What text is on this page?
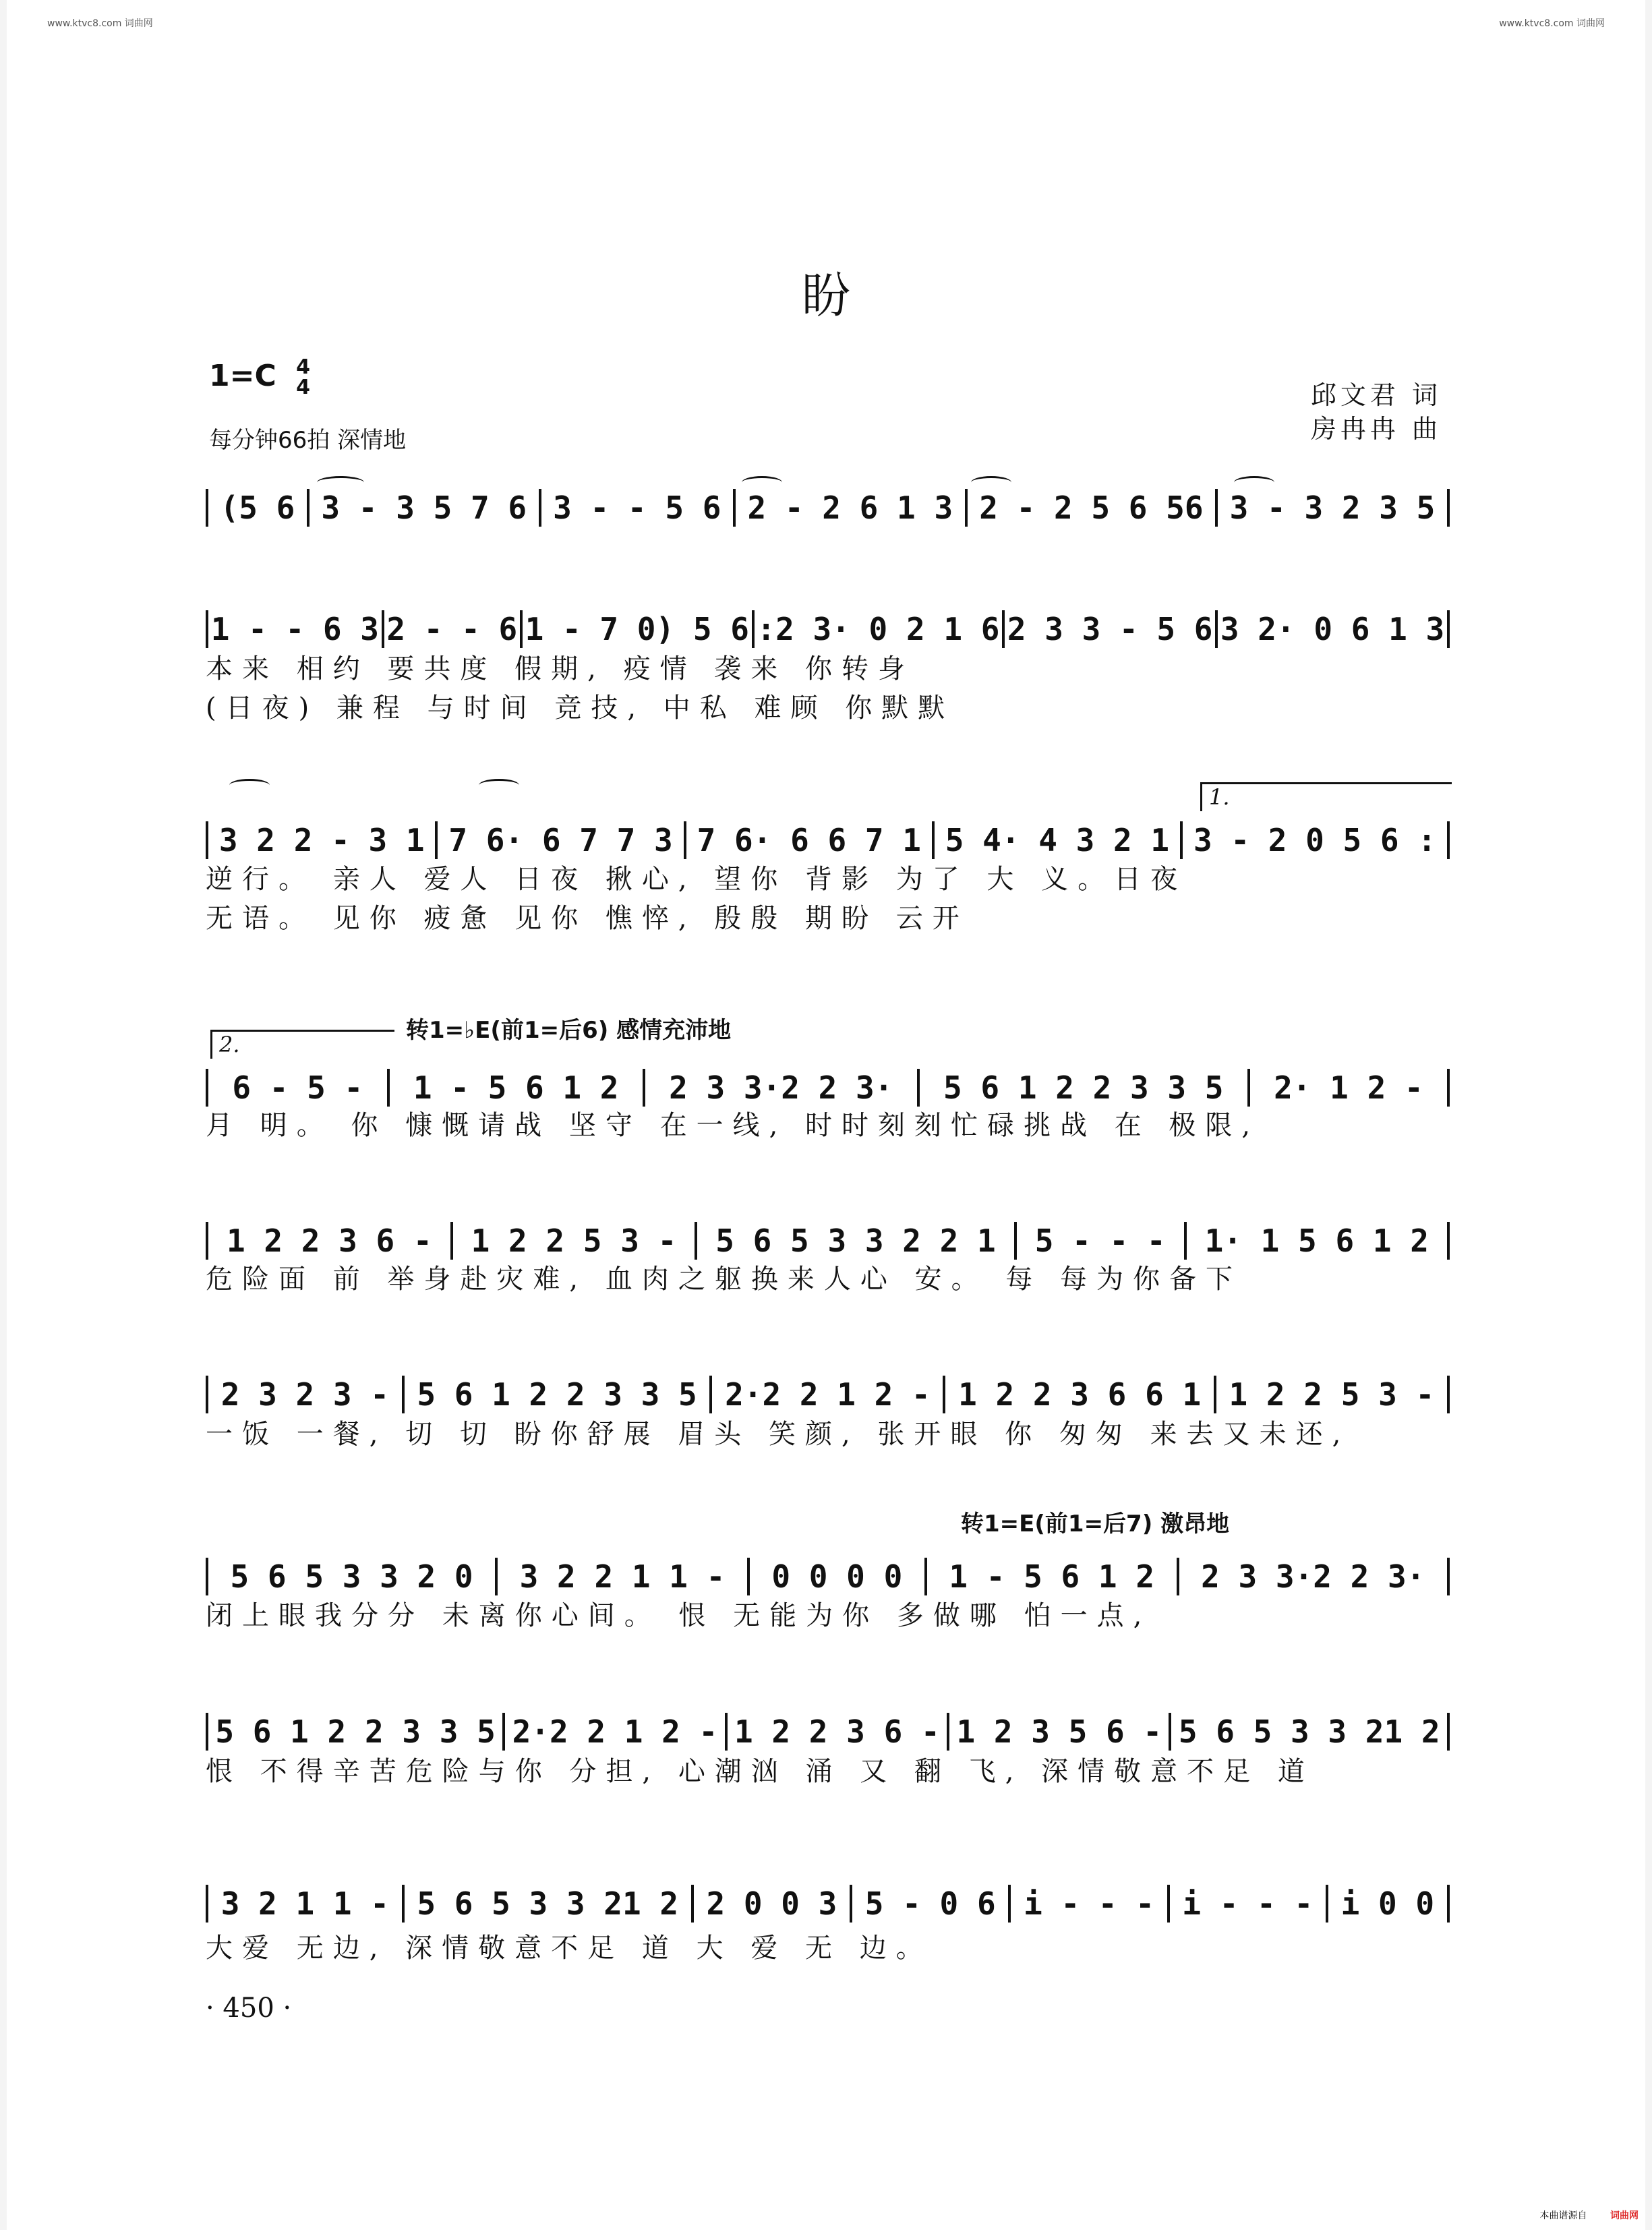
www.ktvc8.com 词曲网	www.ktvc8.com 词曲网
盼
1=C 4
4
每分钟66拍 深情地
邱文君 词
房冉冉 曲
(5 6 3 - 3 5 7 6 3 - - 5 6 2 - 2 6 1 3 2 - 2 5 6 56 3 - 3 2 3 5
1 - - 6 3 2 - - 6 1 - 7 0) 5 6 :2 3· 0 2 1 6 2 3 3 - 5 6 3 2· 0 6 1 3
本来 相约 要共度 假期, 疫情 袭来 你转身
(日夜) 兼程 与时间 竞技, 中私 难顾 你默默
3 2 2 - 3 1 7 6· 6 7 7 3 7 6· 6 6 7 1 5 4· 4 3 2 1 3 - 2 0 5 6 :
逆行。 亲人 爱人 日夜 揪心, 望你 背影 为了 大 义。日夜
无语。 见你 疲惫 见你 憔悴, 殷殷 期盼 云开
6 - 5 - 1 - 5 6 1 2 2 3 3·2 2 3· 5 6 1 2 2 3 3 5 2· 1 2 -
月 明。 你 慷慨请战 坚守 在一线, 时时刻刻忙碌挑战 在 极限,
1 2 2 3 6 - 1 2 2 5 3 - 5 6 5 3 3 2 2 1 5 - - - 1· 1 5 6 1 2
危险面 前 举身赴灾难, 血肉之躯换来人心 安。 每 每为你备下
2 3 2 3 - 5 6 1 2 2 3 3 5 2·2 2 1 2 - 1 2 2 3 6 6 1 1 2 2 5 3 -
一饭 一餐, 切 切 盼你舒展 眉头 笑颜, 张开眼 你 匆匆 来去又未还,
5 6 5 3 3 2 0 3 2 2 1 1 - 0 0 0 0 1 - 5 6 1 2 2 3 3·2 2 3·
闭上眼我分分 未离你心间。 恨 无能为你 多做哪 怕一点,
5 6 1 2 2 3 3 5 2·2 2 1 2 - 1 2 2 3 6 - 1 2 3 5 6 - 5 6 5 3 3 21 2
恨 不得辛苦危险与你 分担, 心潮汹 涌 又 翻 飞, 深情敬意不足 道
3 2 1 1 - 5 6 5 3 3 21 2 2 0 0 3 5 - 0 6 i - - - i - - - i 0 0
大爱 无边, 深情敬意不足 道 大 爱 无 边。
1.
2.
转1=♭E(前1=后6) 感情充沛地
转1=E(前1=后7) 激昂地
· 450 ·
本曲谱源自 词曲网
